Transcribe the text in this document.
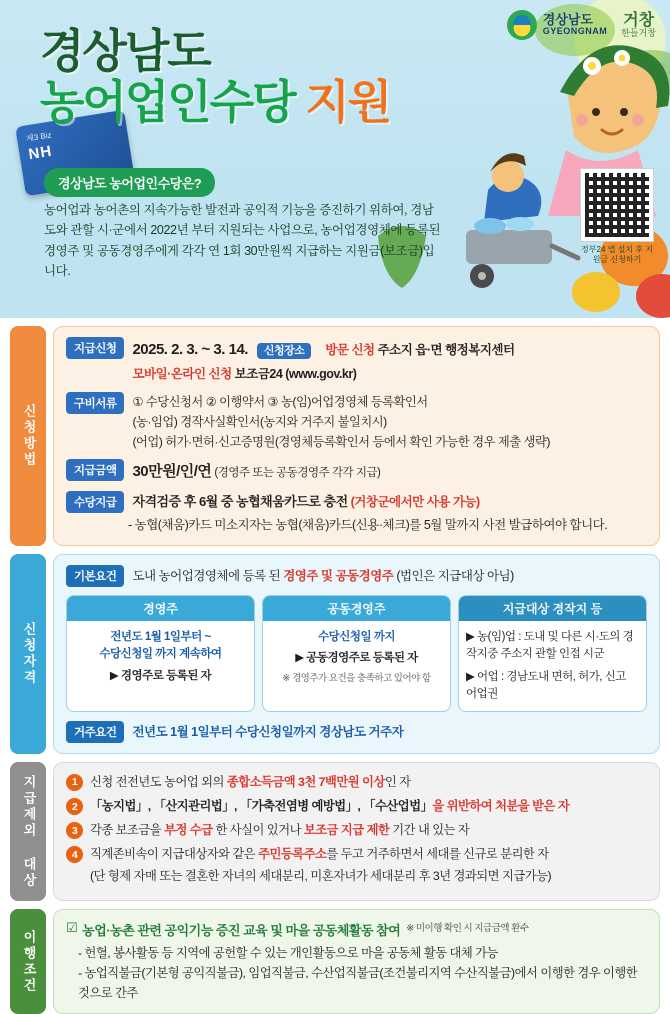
제3 Biz
NH
정부24 앱 설치 후 지원금 신청하기
경상남도
GYEONGNAM
거창
한들거창
경상남도
농어업인수당 지원
경상남도 농어업인수당은?
농어업과 농어촌의 지속가능한 발전과 공익적 기능을 증진하기 위하여, 경남도와 관할 시·군에서 2022년 부터 지원되는 사업으로, 농어업경영체에 등록된 경영주 및 공동경영주에게 각각 연 1회 30만원씩 지급하는 지원금(보조금)입니다.
신청방법
지급신청	2025. 2. 3. ~ 3. 14. 신청장소 방문 신청 주소지 읍·면 행정복지센터
모바일·온라인 신청 보조금24 (www.gov.kr)
구비서류	① 수당신청서 ② 이행약서 ③ 농(임)어업경영체 등록확인서
(농·임업) 경작사실확인서(농지와 거주지 불일치시)
(어업) 허가·면허·신고증명원(경영체등록확인서 등에서 확인 가능한 경우 제출 생략)
지급금액	30만원/인/연 (경영주 또는 공동경영주 각각 지급)
수당지급	자격검증 후 6월 중 농협채움카드로 충전 (거창군에서만 사용 가능)
- 농협(채움)카드 미소지자는 농협(채움)카드(신용·체크)를 5월 말까지 사전 발급하여야 합니다.
신청자격
기본요건	도내 농어업경영체에 등록 된 경영주 및 공동경영주 (법인은 지급대상 아님)
경영주
전년도 1월 1일부터 ~
수당신청일 까지 계속하여
▶ 경영주로 등록된 자
공동경영주
수당신청일 까지
▶ 공동경영주로 등록된 자
※ 경영주가 요건을 충족하고 있어야 함
지급대상 경작지 등
▶ 농(임)업 : 도내 및 다른 시·도의 경작지중 주소지 관할 인접 시군
▶ 어업 : 경남도내 면허, 허가, 신고 어업권
거주요건	전년도 1월 1일부터 수당신청일까지 경상남도 거주자
지급제외 대상	1	신청 전전년도 농어업 외의 종합소득금액 3천 7백만원 이상인 자
2	「농지법」, 「산지관리법」, 「가축전염병 예방법」, 「수산업법」을 위반하여 처분을 받은 자
3	각종 보조금을 부정 수급 한 사실이 있거나 보조금 지급 제한 기간 내 있는 자
4	직계존비속이 지급대상자와 같은 주민등록주소를 두고 거주하면서 세대를 신규로 분리한 자
(단 형제 자매 또는 결혼한 자녀의 세대분리, 미혼자녀가 세대분리 후 3년 경과되면 지급가능)
이행조건
☑ 농업·농촌 관련 공익기능 증진 교육 및 마을 공동체활동 참여 ※ 미이행 확인 시 지급금액 환수
- 헌혈, 봉사활동 등 지역에 공헌할 수 있는 개인활동으로 마을 공동체 활동 대체 가능
- 농업직불금(기본형 공익직불금), 임업직불금, 수산업직불금(조건불리지역 수산직불금)에서 이행한 경우 이행한 것으로 간주
